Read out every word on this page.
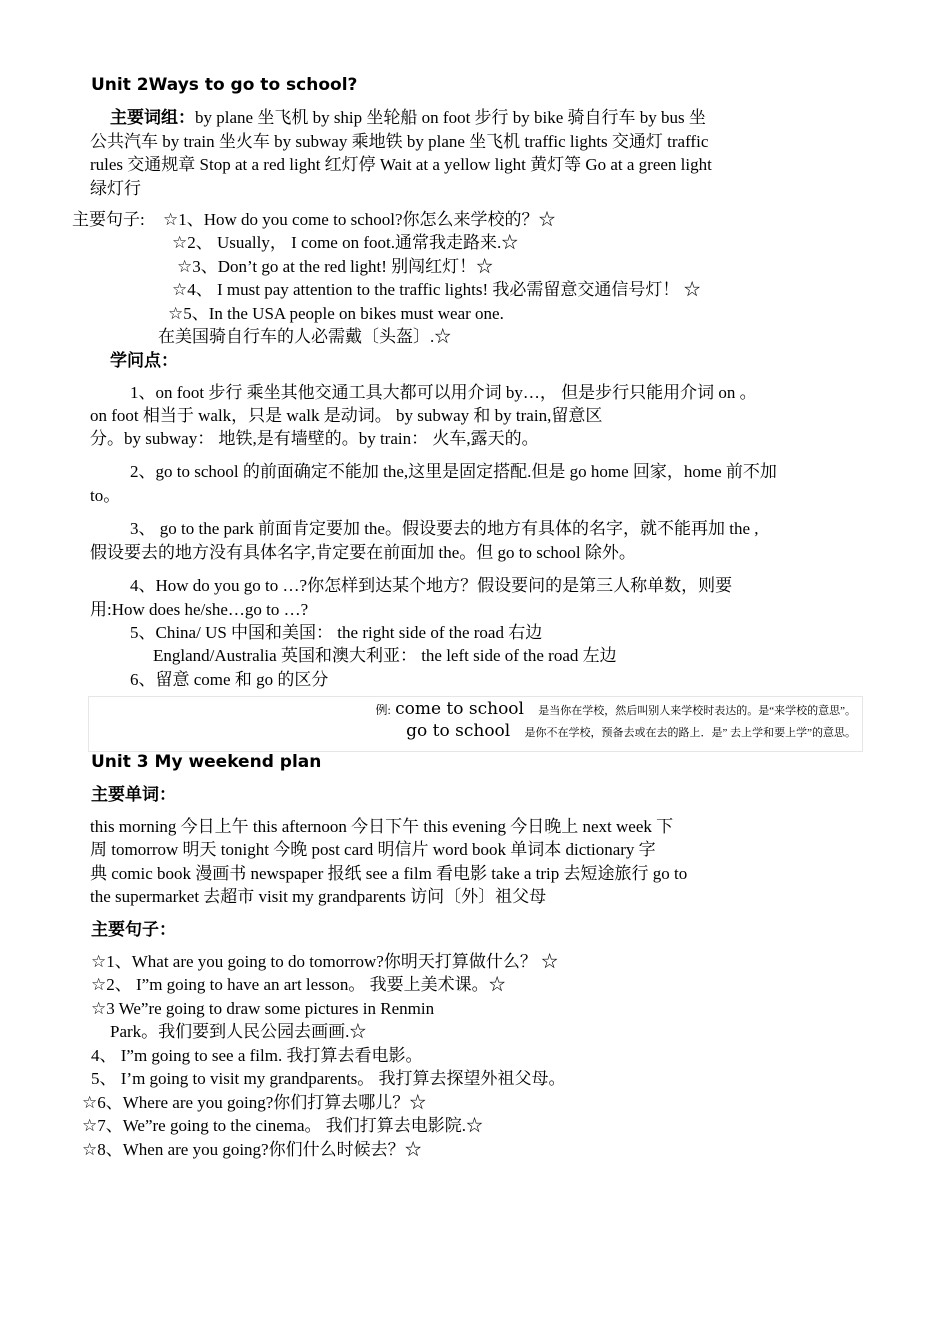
Unit 2Ways to go to school?
主要词组：by plane 坐飞机 by ship 坐轮船 on foot 步行 by bike 骑自行车 by bus 坐
公共汽车 by train 坐火车 by subway 乘地铁 by plane 坐飞机 traffic lights 交通灯 traffic
rules 交通规章 Stop at a red light 红灯停 Wait at a yellow light 黄灯等 Go at a green light
绿灯行
主要句子: ☆1、How do you come to school?你怎么来学校的？☆
☆2、 Usually， I come on foot.通常我走路来.☆
☆3、Don’t go at the red light! 别闯红灯！☆
☆4、 I must pay attention to the traffic lights! 我必需留意交通信号灯！ ☆
☆5、In the USA people on bikes must wear one.
在美国骑自行车的人必需戴〔头盔〕.☆
学问点：
1、on foot 步行 乘坐其他交通工具大都可以用介词 by…， 但是步行只能用介词 on 。
on foot 相当于 walk，只是 walk 是动词。 by subway 和 by train,留意区
分。by subway： 地铁,是有墙壁的。by train： 火车,露天的。
2、go to school 的前面确定不能加 the,这里是固定搭配.但是 go home 回家，home 前不加
to。
3、 go to the park 前面肯定要加 the。假设要去的地方有具体的名字，就不能再加 the ,
假设要去的地方没有具体名字,肯定要在前面加 the。但 go to school 除外。
4、How do you go to …?你怎样到达某个地方？假设要问的是第三人称单数，则要
用:How does he/she…go to …?
5、China/ US 中国和美国： the right side of the road 右边
England/Australia 英国和澳大利亚： the left side of the road 左边
6、留意 come 和 go 的区分
例: come to school 是当你在学校，然后叫别人来学校时表达的。是“来学校的意思”。
go to school 是你不在学校，预备去或在去的路上．是” 去上学和要上学”的意思。
Unit 3 My weekend plan
主要单词：
this morning 今日上午 this afternoon 今日下午 this evening 今日晚上 next week 下
周 tomorrow 明天 tonight 今晚 post card 明信片 word book 单词本 dictionary 字
典 comic book 漫画书 newspaper 报纸 see a film 看电影 take a trip 去短途旅行 go to
the supermarket 去超市 visit my grandparents 访问〔外〕祖父母
主要句子：
☆1、What are you going to do tomorrow?你明天打算做什么？ ☆
☆2、 I”m going to have an art lesson。 我要上美术课。☆
☆3 We”re going to draw some pictures in Renmin
Park。我们要到人民公园去画画.☆
4、 I”m going to see a film. 我打算去看电影。
5、 I’m going to visit my grandparents。 我打算去探望外祖父母。
☆6、Where are you going?你们打算去哪儿？☆
☆7、We”re going to the cinema。 我们打算去电影院.☆
☆8、When are you going?你们什么时候去？☆
